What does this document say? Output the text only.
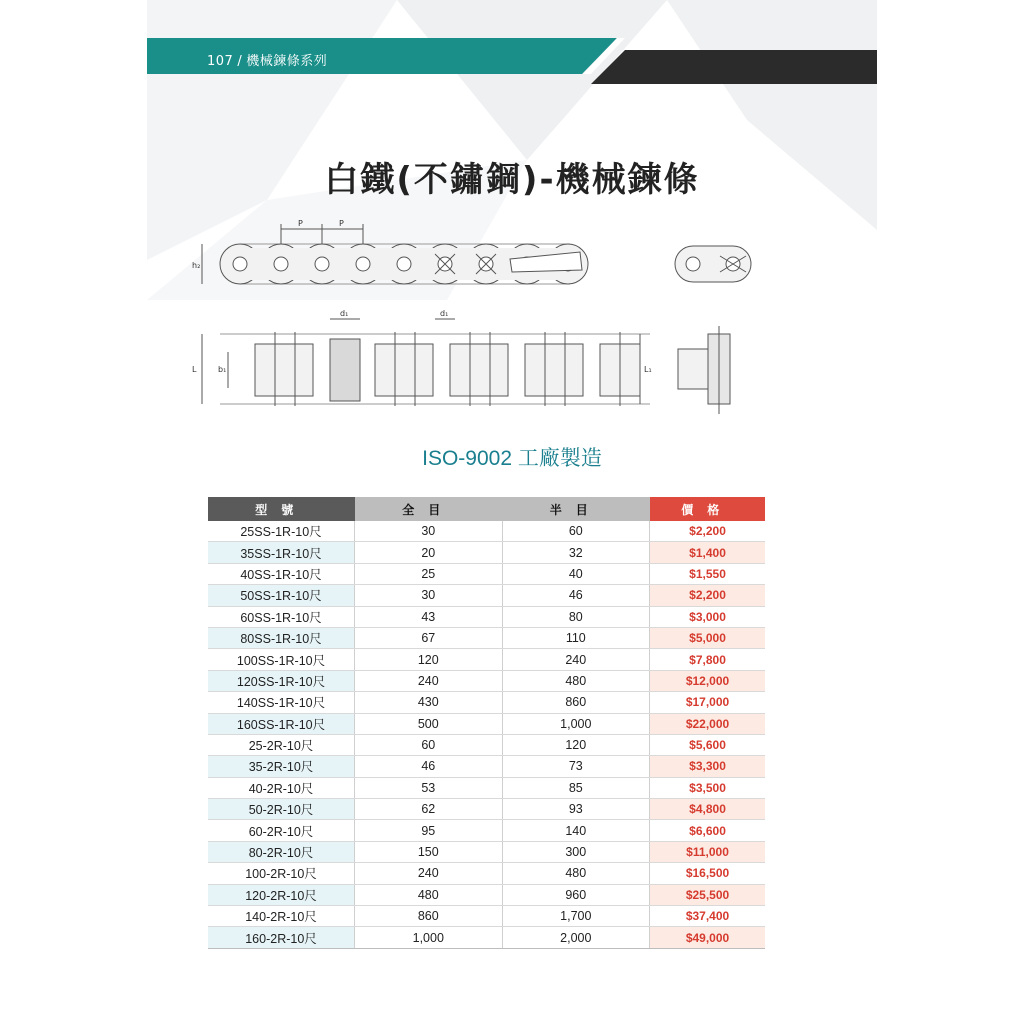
107 / 機械鍊條系列
白鐵(不鏽鋼)-機械鍊條
P	P
h₂
d₁	d₁
L	b₁	L₁
ISO-9002 工廠製造
型號	全目	半目	價格
25SS-1R-10尺	30	60	$2,200
35SS-1R-10尺	20	32	$1,400
40SS-1R-10尺	25	40	$1,550
50SS-1R-10尺	30	46	$2,200
60SS-1R-10尺	43	80	$3,000
80SS-1R-10尺	67	110	$5,000
100SS-1R-10尺	120	240	$7,800
120SS-1R-10尺	240	480	$12,000
140SS-1R-10尺	430	860	$17,000
160SS-1R-10尺	500	1,000	$22,000
25-2R-10尺	60	120	$5,600
35-2R-10尺	46	73	$3,300
40-2R-10尺	53	85	$3,500
50-2R-10尺	62	93	$4,800
60-2R-10尺	95	140	$6,600
80-2R-10尺	150	300	$11,000
100-2R-10尺	240	480	$16,500
120-2R-10尺	480	960	$25,500
140-2R-10尺	860	1,700	$37,400
160-2R-10尺	1,000	2,000	$49,000
